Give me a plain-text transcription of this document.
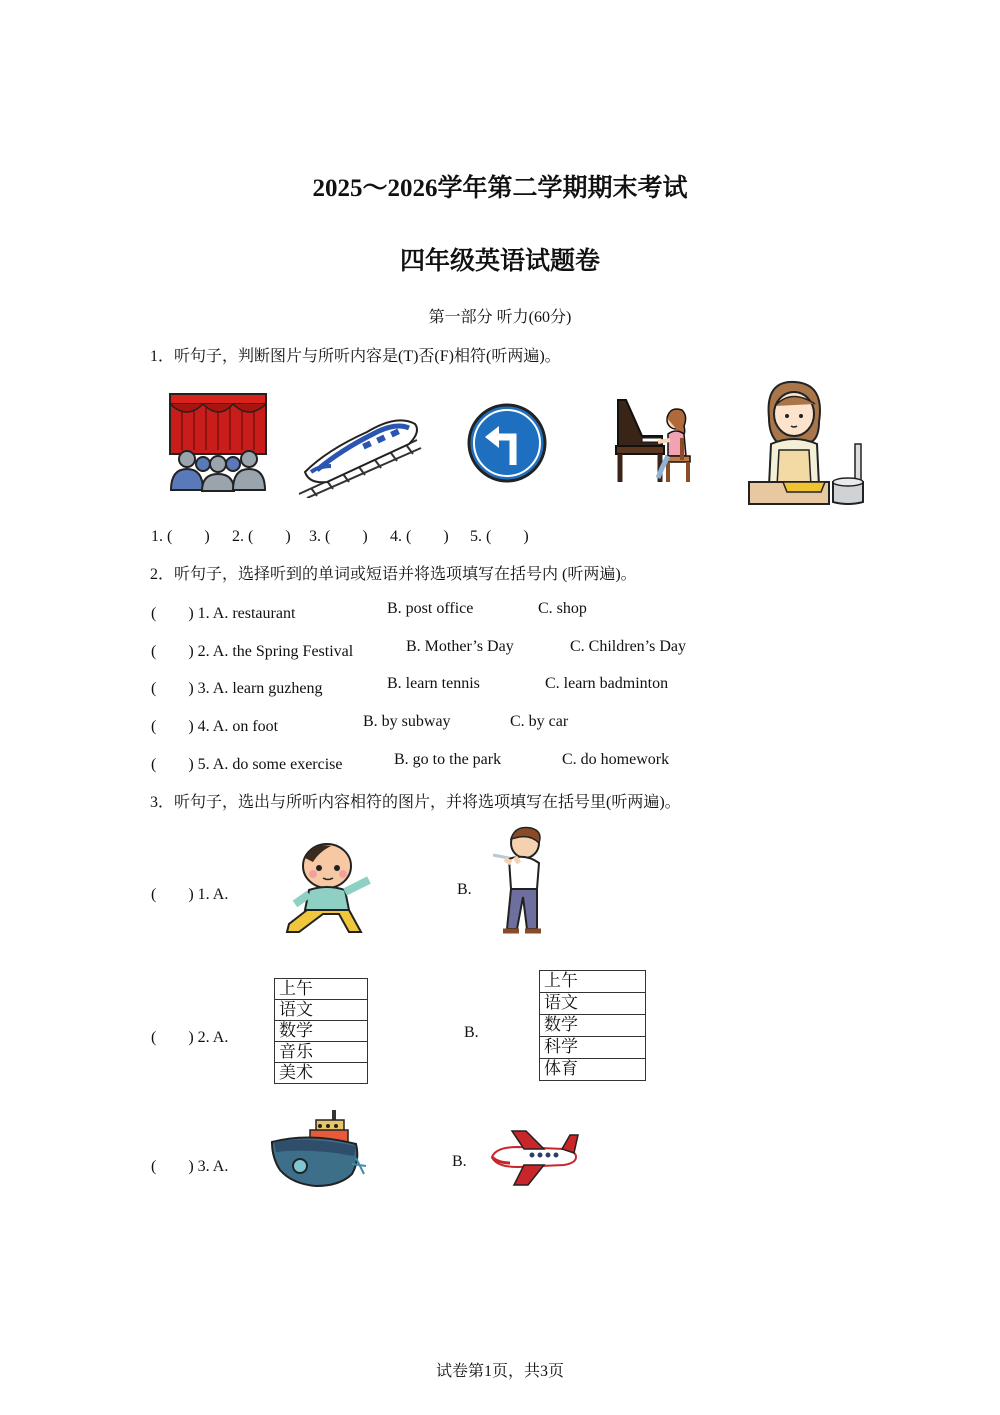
2025～2026学年第二学期期末考试
四年级英语试题卷
第一部分 听力(60分)
1．听句子，判断图片与所听内容是(T)否(F)相符(听两遍)。
1. (　　) 2. (　　) 3. (　　) 4. (　　) 5. (　　)
2．听句子，选择听到的单词或短语并将选项填写在括号内 (听两遍)。
(　　) 1. A. restaurant	B. post office	C. shop
(　　) 2. A. the Spring Festival	B. Mother’s Day	C. Children’s Day
(　　) 3. A. learn guzheng	B. learn tennis	C. learn badminton
(　　) 4. A. on foot	B. by subway	C. by car
(　　) 5. A. do some exercise	B. go to the park	C. do homework
3．听句子，选出与所听内容相符的图片，并将选项填写在括号里(听两遍)。
(　　) 1. A.	B.
(　　) 2. A.
上午
语文
数学
音乐
美术
B.
上午
语文
数学
科学
体育
(　　) 3. A.	B.
试卷第1页，共3页
